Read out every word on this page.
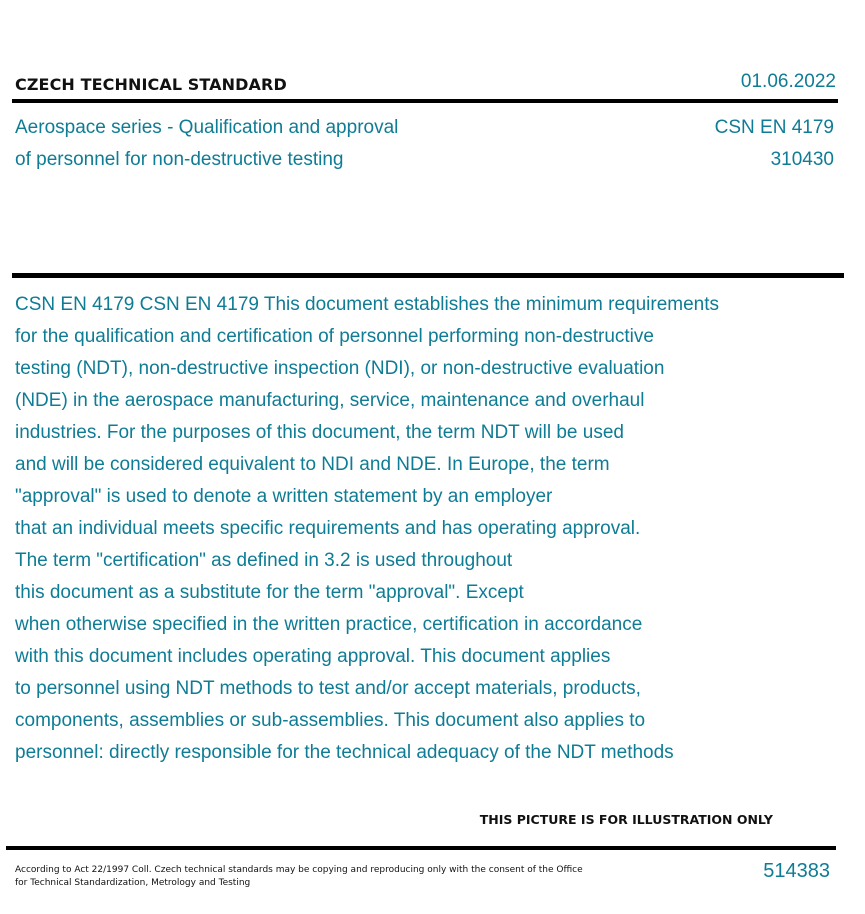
CZECH TECHNICAL STANDARD	01.06.2022
Aerospace series - Qualification and approval
of personnel for non-destructive testing
CSN EN 4179
310430
CSN EN 4179 CSN EN 4179 This document establishes the minimum requirements
for the qualification and certification of personnel performing non-destructive
testing (NDT), non-destructive inspection (NDI), or non-destructive evaluation
(NDE) in the aerospace manufacturing, service, maintenance and overhaul
industries. For the purposes of this document, the term NDT will be used
and will be considered equivalent to NDI and NDE. In Europe, the term
"approval" is used to denote a written statement by an employer
that an individual meets specific requirements and has operating approval.
The term "certification" as defined in 3.2 is used throughout
this document as a substitute for the term "approval". Except
when otherwise specified in the written practice, certification in accordance
with this document includes operating approval. This document applies
to personnel using NDT methods to test and/or accept materials, products,
components, assemblies or sub-assemblies. This document also applies to
personnel: directly responsible for the technical adequacy of the NDT methods
THIS PICTURE IS FOR ILLUSTRATION ONLY
According to Act 22/1997 Coll. Czech technical standards may be copying and reproducing only with the consent of the Office
for Technical Standardization, Metrology and Testing
514383
